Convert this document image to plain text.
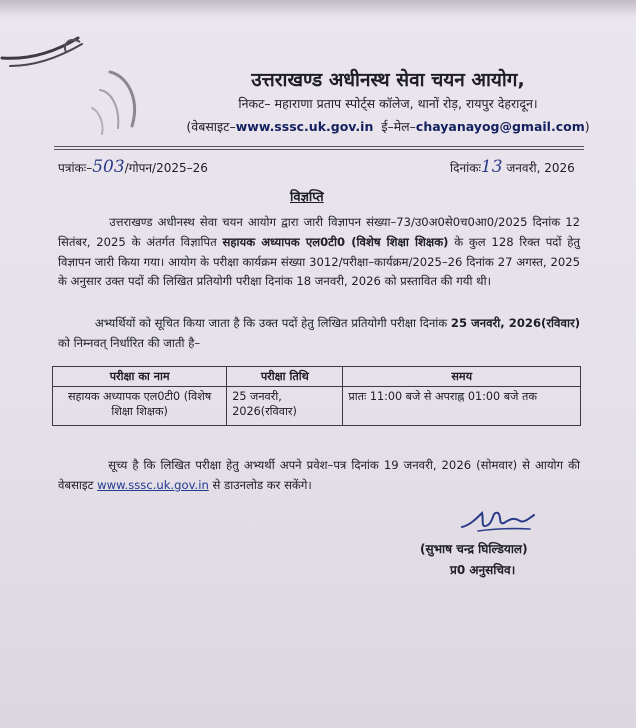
उत्तराखण्ड अधीनस्थ सेवा चयन आयोग,
निकट– महाराणा प्रताप स्पोर्ट्स कॉलेज, थानों रोड़, रायपुर देहरादून।
(वेबसाइट–www.sssc.uk.gov.in ई–मेल–chayanayog@gmail.com)
पत्रांकः–503/गोपन/2025–26	दिनांकः13 जनवरी, 2026
विज्ञप्ति
उत्तराखण्ड अधीनस्थ सेवा चयन आयोग द्वारा जारी विज्ञापन संख्या–73/उ0अ0से0च0आ0/2025 दिनांक 12 सितंबर, 2025 के अंतर्गत विज्ञापित सहायक अध्यापक एल0टी0 (विशेष शिक्षा शिक्षक) के कुल 128 रिक्त पदों हेतु विज्ञापन जारी किया गया। आयोग के परीक्षा कार्यक्रम संख्या 3012/परीक्षा–कार्यक्रम/2025–26 दिनांक 27 अगस्त, 2025 के अनुसार उक्त पदों की लिखित प्रतियोगी परीक्षा दिनांक 18 जनवरी, 2026 को प्रस्तावित की गयी थी।
अभ्यर्थियों को सूचित किया जाता है कि उक्त पदों हेतु लिखित प्रतियोगी परीक्षा दिनांक 25 जनवरी, 2026(रविवार) को निम्नवत् निर्धारित की जाती है–
परीक्षा का नाम	परीक्षा तिथि	समय
सहायक अध्यापक एल0टी0 (विशेष शिक्षा शिक्षक)	25 जनवरी, 2026(रविवार)	प्रातः 11:00 बजे से अपराह्न 01:00 बजे तक
सूच्य है कि लिखित परीक्षा हेतु अभ्यर्थी अपने प्रवेश–पत्र दिनांक 19 जनवरी, 2026 (सोमवार) से आयोग की वेबसाइट www.sssc.uk.gov.in से डाउनलोड कर सकेंगे।
(सुभाष चन्द्र घिल्डियाल)
प्र0 अनुसचिव।
